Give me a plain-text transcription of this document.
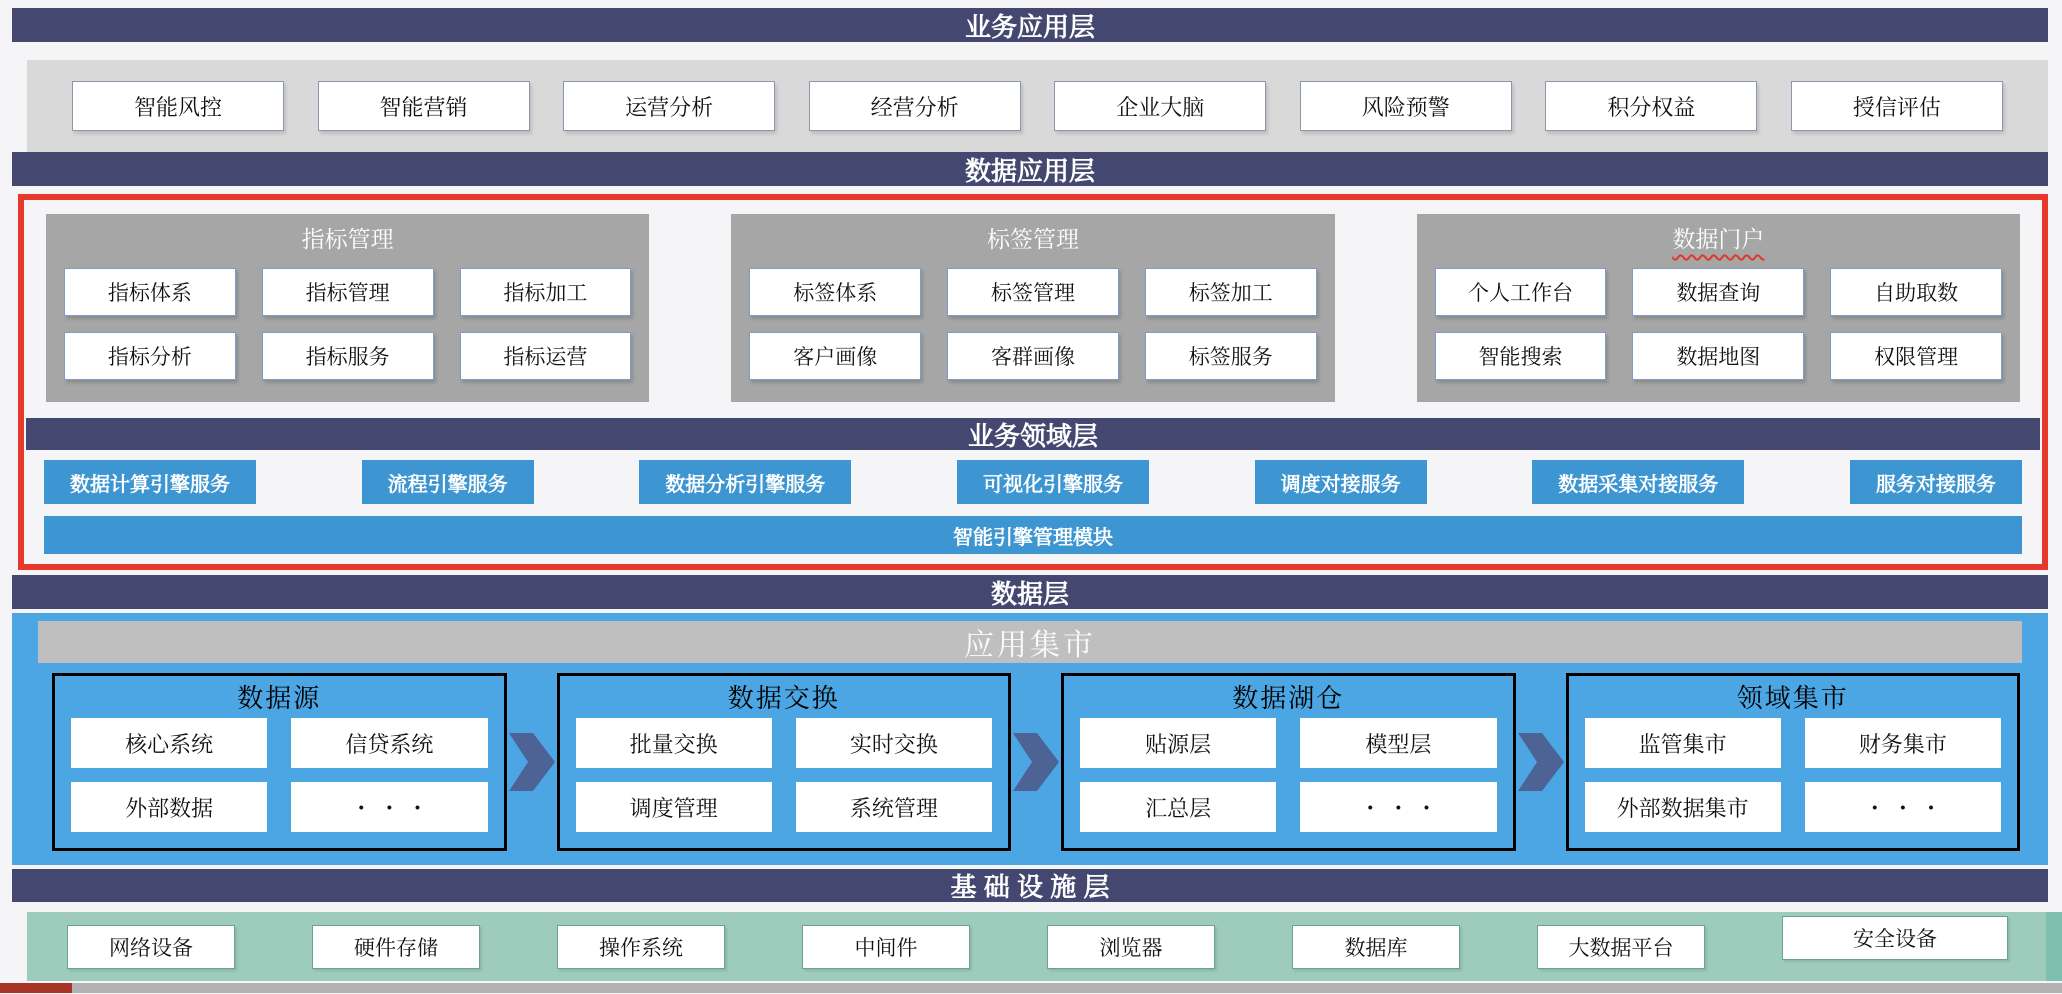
业务应用层
智能风控	智能营销	运营分析	经营分析	企业大脑	风险预警	积分权益	授信评估
数据应用层
指标管理
指标体系	指标管理	指标加工
指标分析	指标服务	指标运营
标签管理
标签体系	标签管理	标签加工
客户画像	客群画像	标签服务
数据门户
个人工作台	数据查询	自助取数
智能搜索	数据地图	权限管理
业务领域层
数据计算引擎服务	流程引擎服务	数据分析引擎服务	可视化引擎服务	调度对接服务	数据采集对接服务	服务对接服务
智能引擎管理模块
数据层
应用集市
数据源
核心系统	信贷系统
外部数据	・ ・ ・
数据交换
批量交换	实时交换
调度管理	系统管理
数据湖仓
贴源层	模型层
汇总层	・ ・ ・
领域集市
监管集市	财务集市
外部数据集市	・ ・ ・
基 础 设 施 层
网络设备	硬件存储	操作系统	中间件	浏览器	数据库	大数据平台	安全设备
